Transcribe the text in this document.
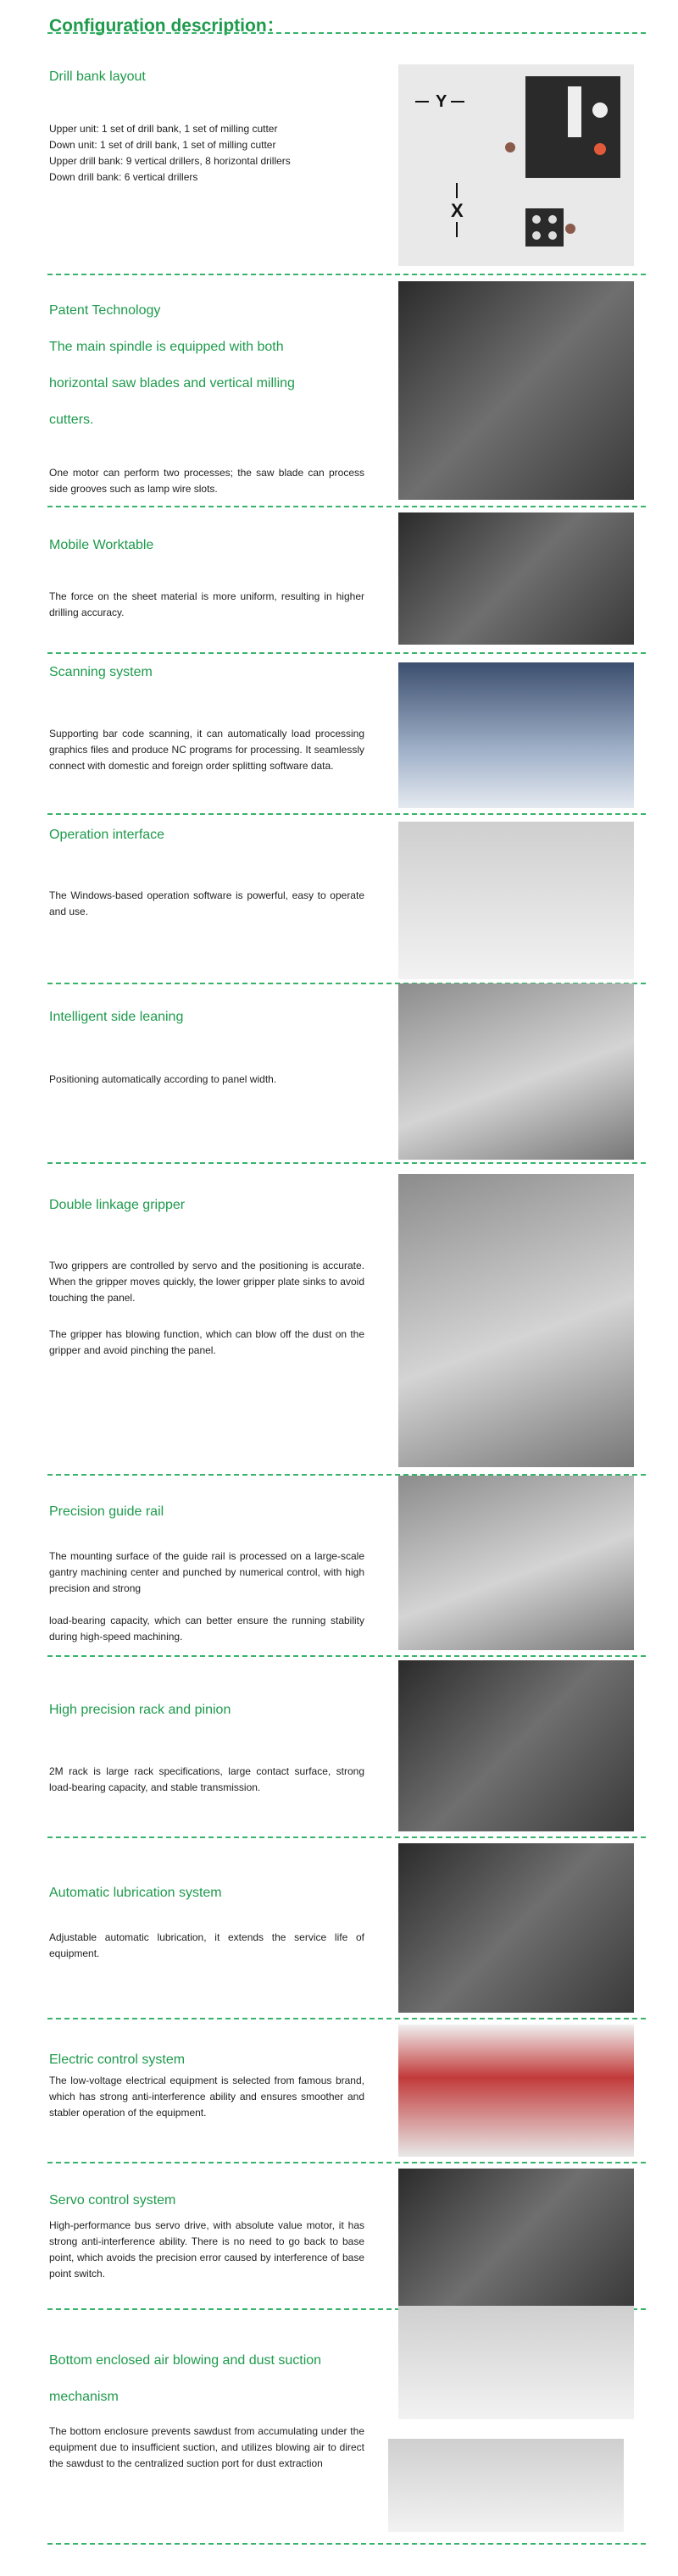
Configuration description：
Drill bank layout
Upper unit: 1 set of drill bank, 1 set of milling cutter
Down unit: 1 set of drill bank, 1 set of milling cutter
Upper drill bank: 9 vertical drillers, 8 horizontal drillers
Down drill bank: 6 vertical drillers
Y
X
Patent Technology
The main spindle is equipped with both
horizontal saw blades and vertical milling
cutters.
One motor can perform two processes; the saw blade can process side grooves such as lamp wire slots.
Mobile Worktable
The force on the sheet material is more uniform, resulting in higher drilling accuracy.
Scanning system
Supporting bar code scanning, it can automatically load processing graphics files and produce NC programs for processing. It seamlessly connect with domestic and foreign order splitting software data.
Operation interface
The Windows-based operation software is powerful, easy to operate and use.
Intelligent side leaning
Positioning automatically according to panel width.
Double linkage gripper
Two grippers are controlled by servo and the positioning is accurate. When the gripper moves quickly, the lower gripper plate sinks to avoid touching the panel.
The gripper has blowing function, which can blow off the dust on the gripper and avoid pinching the panel.
Precision guide rail
The mounting surface of the guide rail is processed on a large-scale gantry machining center and punched by numerical control, with high precision and strong
load-bearing capacity, which can better ensure the running stability during high-speed machining.
High precision rack and pinion
2M rack is large rack specifications, large contact surface, strong load-bearing capacity, and stable transmission.
Automatic lubrication system
Adjustable automatic lubrication, it extends the service life of equipment.
Electric control system
The low-voltage electrical equipment is selected from famous brand, which has strong anti-interference ability and ensures smoother and stabler operation of the equipment.
Servo control system
High-performance bus servo drive, with absolute value motor, it has strong anti-interference ability. There is no need to go back to base point, which avoids the precision error caused by interference of base point switch.
Bottom enclosed air blowing and dust suction
mechanism
The bottom enclosure prevents sawdust from accumulating under the equipment due to insufficient suction, and utilizes blowing air to direct the sawdust to the centralized suction port for dust extraction
